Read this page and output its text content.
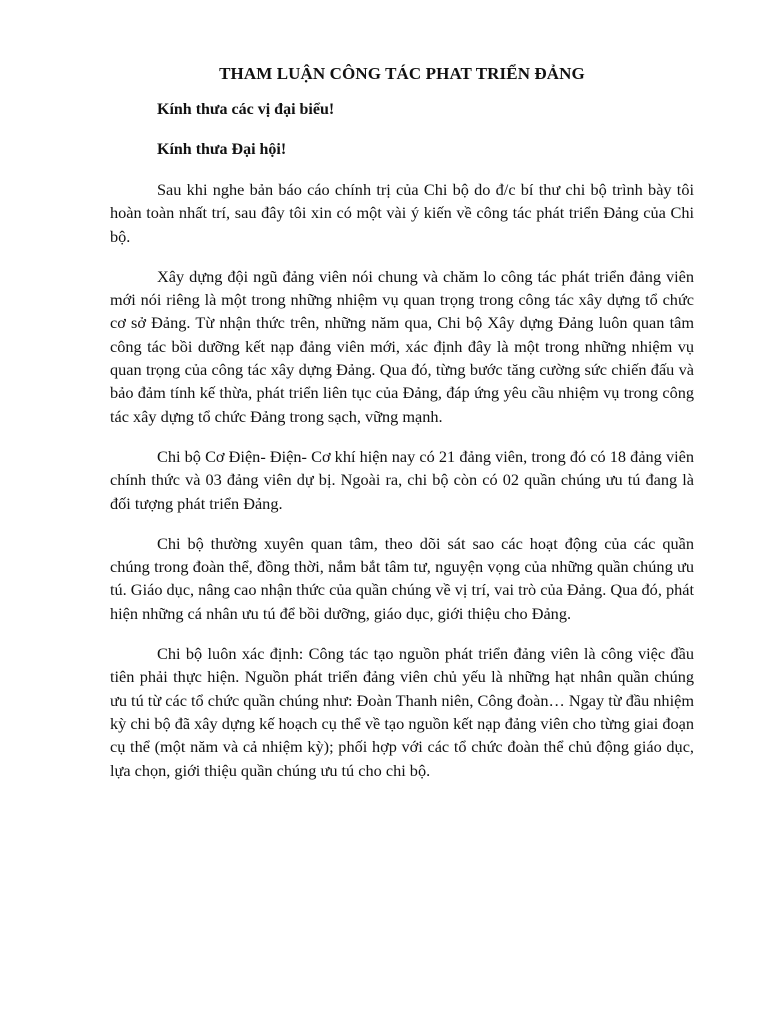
THAM LUẬN CÔNG TÁC PHAT TRIỂN ĐẢNG

Kính thưa các vị đại biểu!

Kính thưa Đại hội!

Sau khi nghe bản báo cáo chính trị của Chi bộ do đ/c bí thư chi bộ trình bày tôi hoàn toàn nhất trí, sau đây tôi xin có một vài ý kiến về công tác phát triển Đảng của Chi bộ.

Xây dựng đội ngũ đảng viên nói chung và chăm lo công tác phát triển đảng viên mới nói riêng là một trong những nhiệm vụ quan trọng trong công tác xây dựng tổ chức cơ sở Đảng. Từ nhận thức trên, những năm qua, Chi bộ Xây dựng Đảng luôn quan tâm công tác bồi dưỡng kết nạp đảng viên mới, xác định đây là một trong những nhiệm vụ quan trọng của công tác xây dựng Đảng. Qua đó, từng bước tăng cường sức chiến đấu và bảo đảm tính kế thừa, phát triển liên tục của Đảng, đáp ứng yêu cầu nhiệm vụ trong công tác xây dựng tổ chức Đảng trong sạch, vững mạnh.

Chi bộ Cơ Điện- Điện- Cơ khí hiện nay có 21 đảng viên, trong đó có 18 đảng viên chính thức và 03 đảng viên dự bị. Ngoài ra, chi bộ còn có 02 quần chúng ưu tú đang là đối tượng phát triển Đảng.

Chi bộ thường xuyên quan tâm, theo dõi sát sao các hoạt động của các quần chúng trong đoàn thể, đồng thời, nắm bắt tâm tư, nguyện vọng của những quần chúng ưu tú. Giáo dục, nâng cao nhận thức của quần chúng về vị trí, vai trò của Đảng. Qua đó, phát hiện những cá nhân ưu tú để bồi dưỡng, giáo dục, giới thiệu cho Đảng.

Chi bộ luôn xác định: Công tác tạo nguồn phát triển đảng viên là công việc đầu tiên phải thực hiện. Nguồn phát triển đảng viên chủ yếu là những hạt nhân quần chúng ưu tú từ các tổ chức quần chúng như: Đoàn Thanh niên, Công đoàn… Ngay từ đầu nhiệm kỳ chi bộ đã xây dựng kế hoạch cụ thể về tạo nguồn kết nạp đảng viên cho từng giai đoạn cụ thể (một năm và cả nhiệm kỳ); phối hợp với các tổ chức đoàn thể chủ động giáo dục, lựa chọn, giới thiệu quần chúng ưu tú cho chi bộ.
